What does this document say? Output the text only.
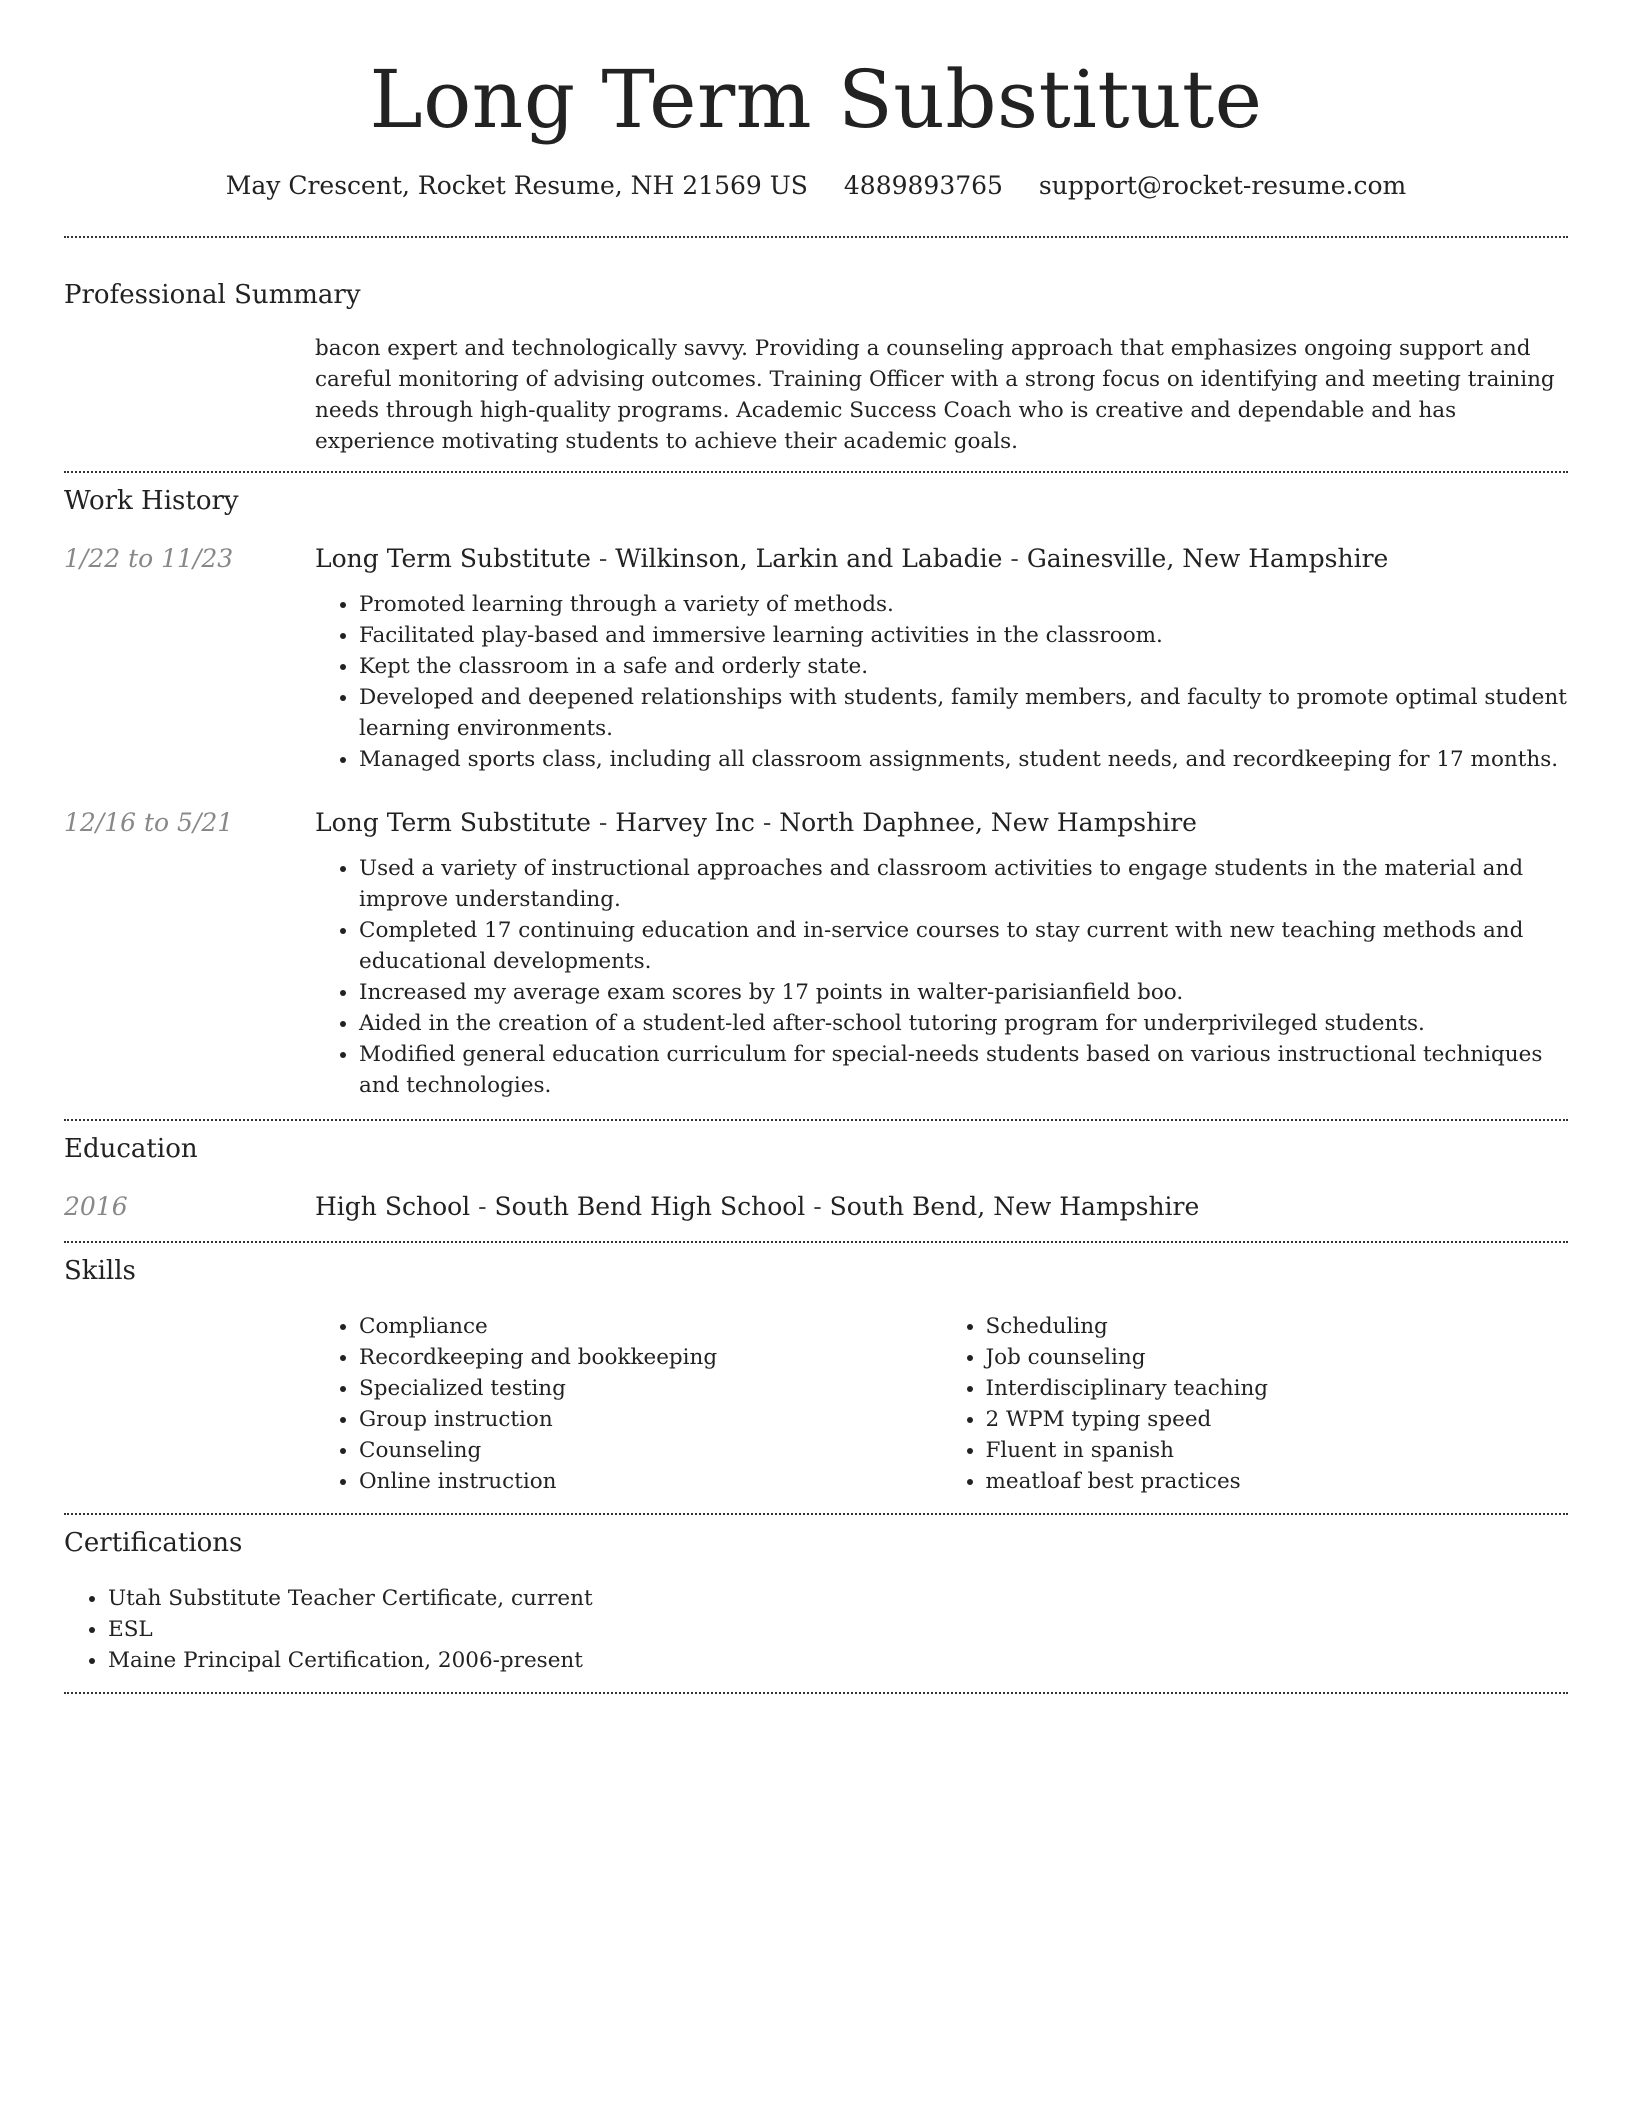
Long Term Substitute
May Crescent, Rocket Resume, NH 21569 US 4889893765 support@rocket-resume.com
Professional Summary
bacon expert and technologically savvy. Providing a counseling approach that emphasizes ongoing support and careful monitoring of advising outcomes. Training Officer with a strong focus on identifying and meeting training needs through high-quality programs. Academic Success Coach who is creative and dependable and has experience motivating students to achieve their academic goals.
Work History
1/22 to 11/23	Long Term Substitute - Wilkinson, Larkin and Labadie - Gainesville, New Hampshire
• Promoted learning through a variety of methods.
• Facilitated play-based and immersive learning activities in the classroom.
• Kept the classroom in a safe and orderly state.
• Developed and deepened relationships with students, family members, and faculty to promote optimal student learning environments.
• Managed sports class, including all classroom assignments, student needs, and recordkeeping for 17 months.
12/16 to 5/21	Long Term Substitute - Harvey Inc - North Daphnee, New Hampshire
• Used a variety of instructional approaches and classroom activities to engage students in the material and improve understanding.
• Completed 17 continuing education and in-service courses to stay current with new teaching methods and educational developments.
• Increased my average exam scores by 17 points in walter-parisianfield boo.
• Aided in the creation of a student-led after-school tutoring program for underprivileged students.
• Modified general education curriculum for special-needs students based on various instructional techniques and technologies.
Education
2016	High School - South Bend High School - South Bend, New Hampshire
Skills
• Compliance
• Recordkeeping and bookkeeping
• Specialized testing
• Group instruction
• Counseling
• Online instruction
• Scheduling
• Job counseling
• Interdisciplinary teaching
• 2 WPM typing speed
• Fluent in spanish
• meatloaf best practices
Certifications
• Utah Substitute Teacher Certificate, current
• ESL
• Maine Principal Certification, 2006-present
